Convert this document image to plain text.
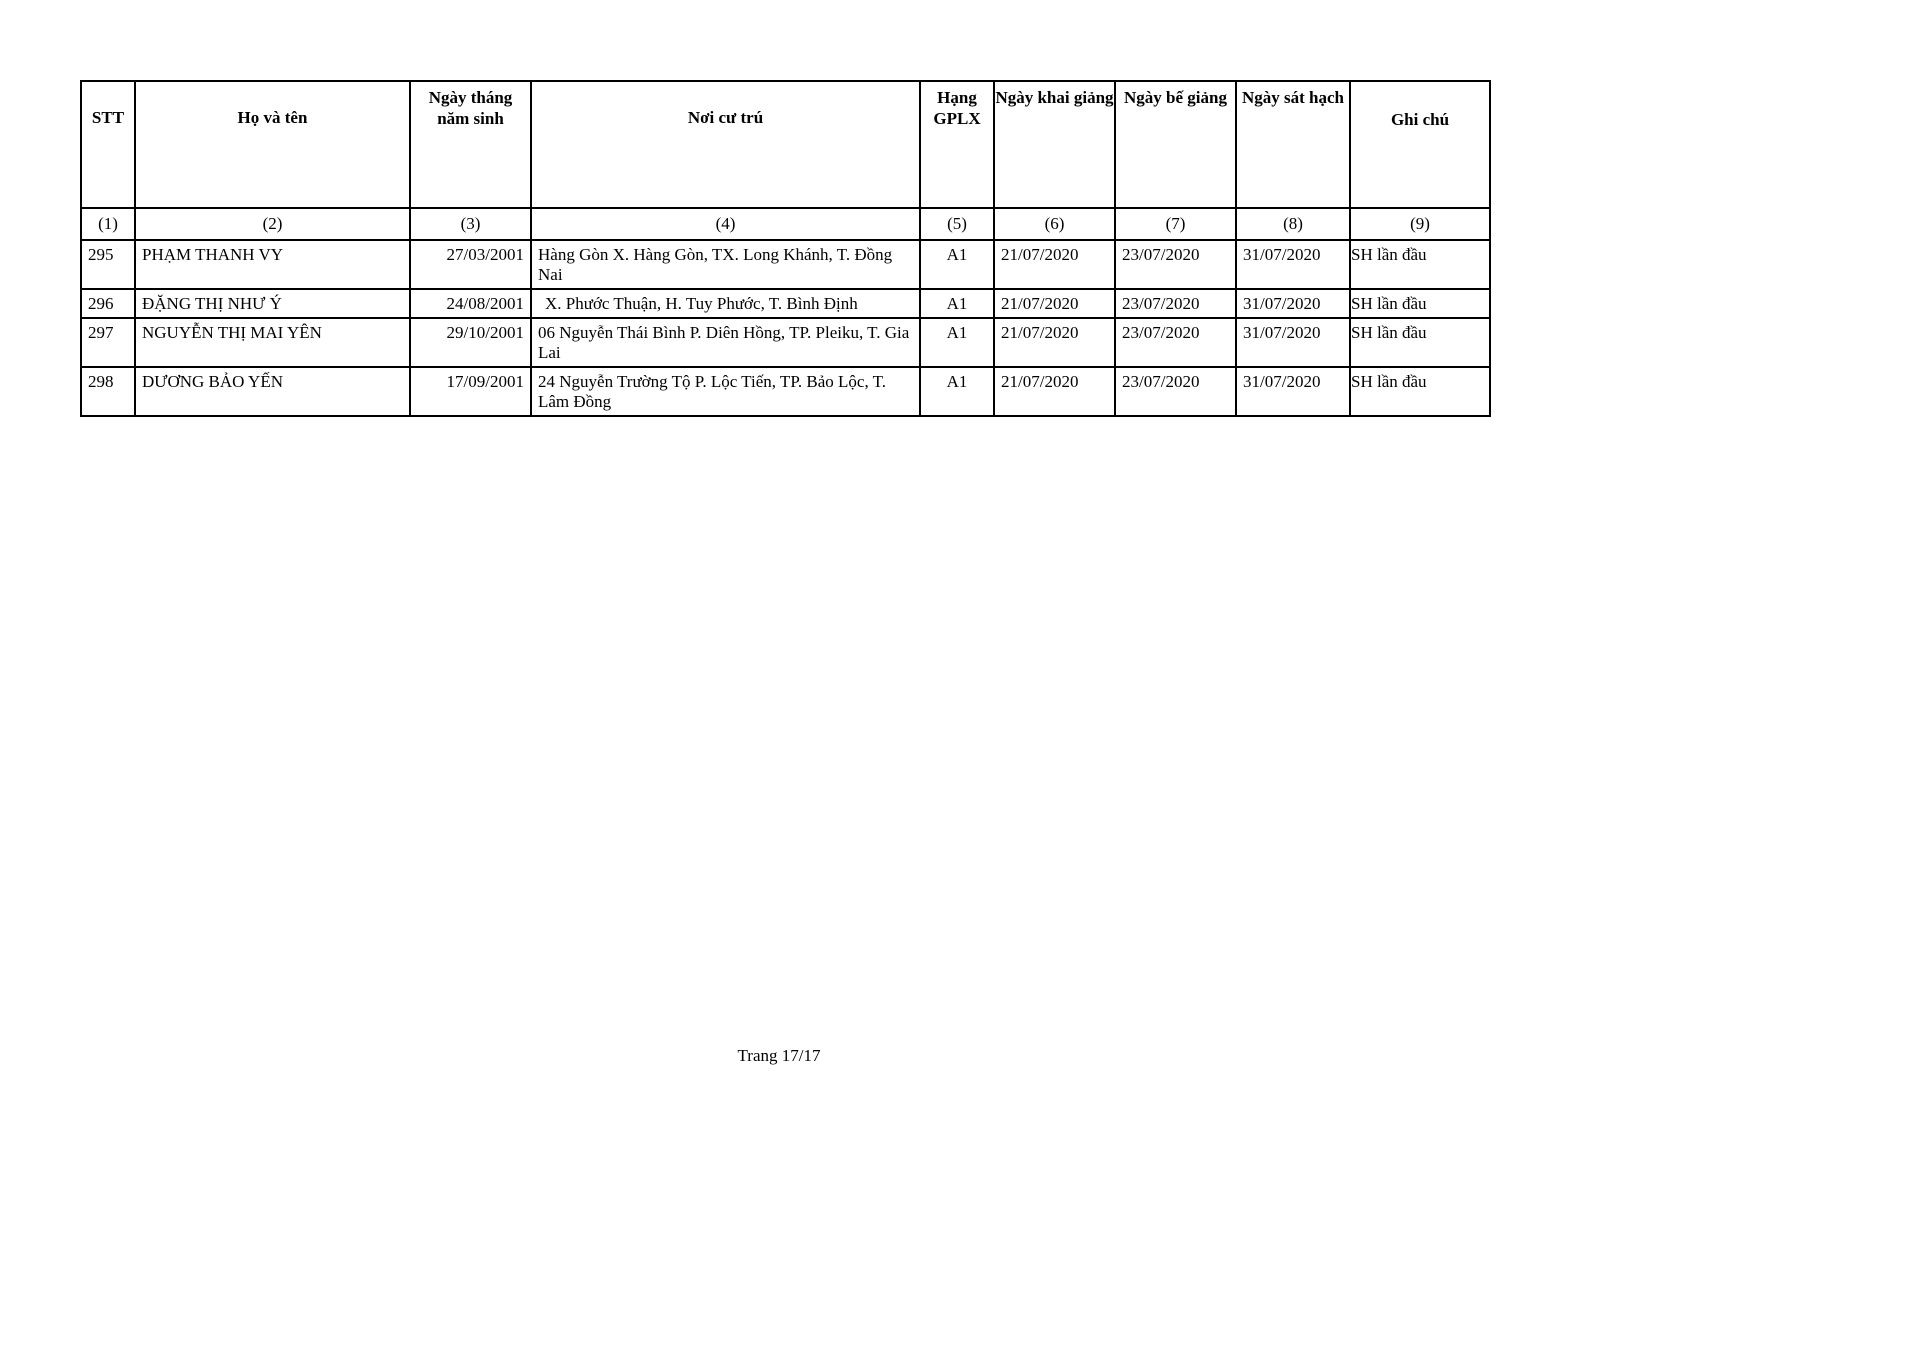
STT	Họ và tên	Ngày tháng năm sinh	Nơi cư trú	Hạng GPLX	Ngày khai giảng	Ngày bế giảng	Ngày sát hạch	Ghi chú
(1)	(2)	(3)	(4)	(5)	(6)	(7)	(8)	(9)
295	PHẠM THANH VY	27/03/2001	Hàng Gòn X. Hàng Gòn, TX. Long Khánh, T. Đồng Nai	A1	21/07/2020	23/07/2020	31/07/2020	SH lần đầu
296	ĐẶNG THỊ NHƯ Ý	24/08/2001	X. Phước Thuận, H. Tuy Phước, T. Bình Định	A1	21/07/2020	23/07/2020	31/07/2020	SH lần đầu
297	NGUYỄN THỊ MAI YÊN	29/10/2001	06 Nguyễn Thái Bình P. Diên Hồng, TP. Pleiku, T. Gia Lai	A1	21/07/2020	23/07/2020	31/07/2020	SH lần đầu
298	DƯƠNG BẢO YẾN	17/09/2001	24 Nguyễn Trường Tộ P. Lộc Tiến, TP. Bảo Lộc, T. Lâm Đồng	A1	21/07/2020	23/07/2020	31/07/2020	SH lần đầu
Trang 17/17
